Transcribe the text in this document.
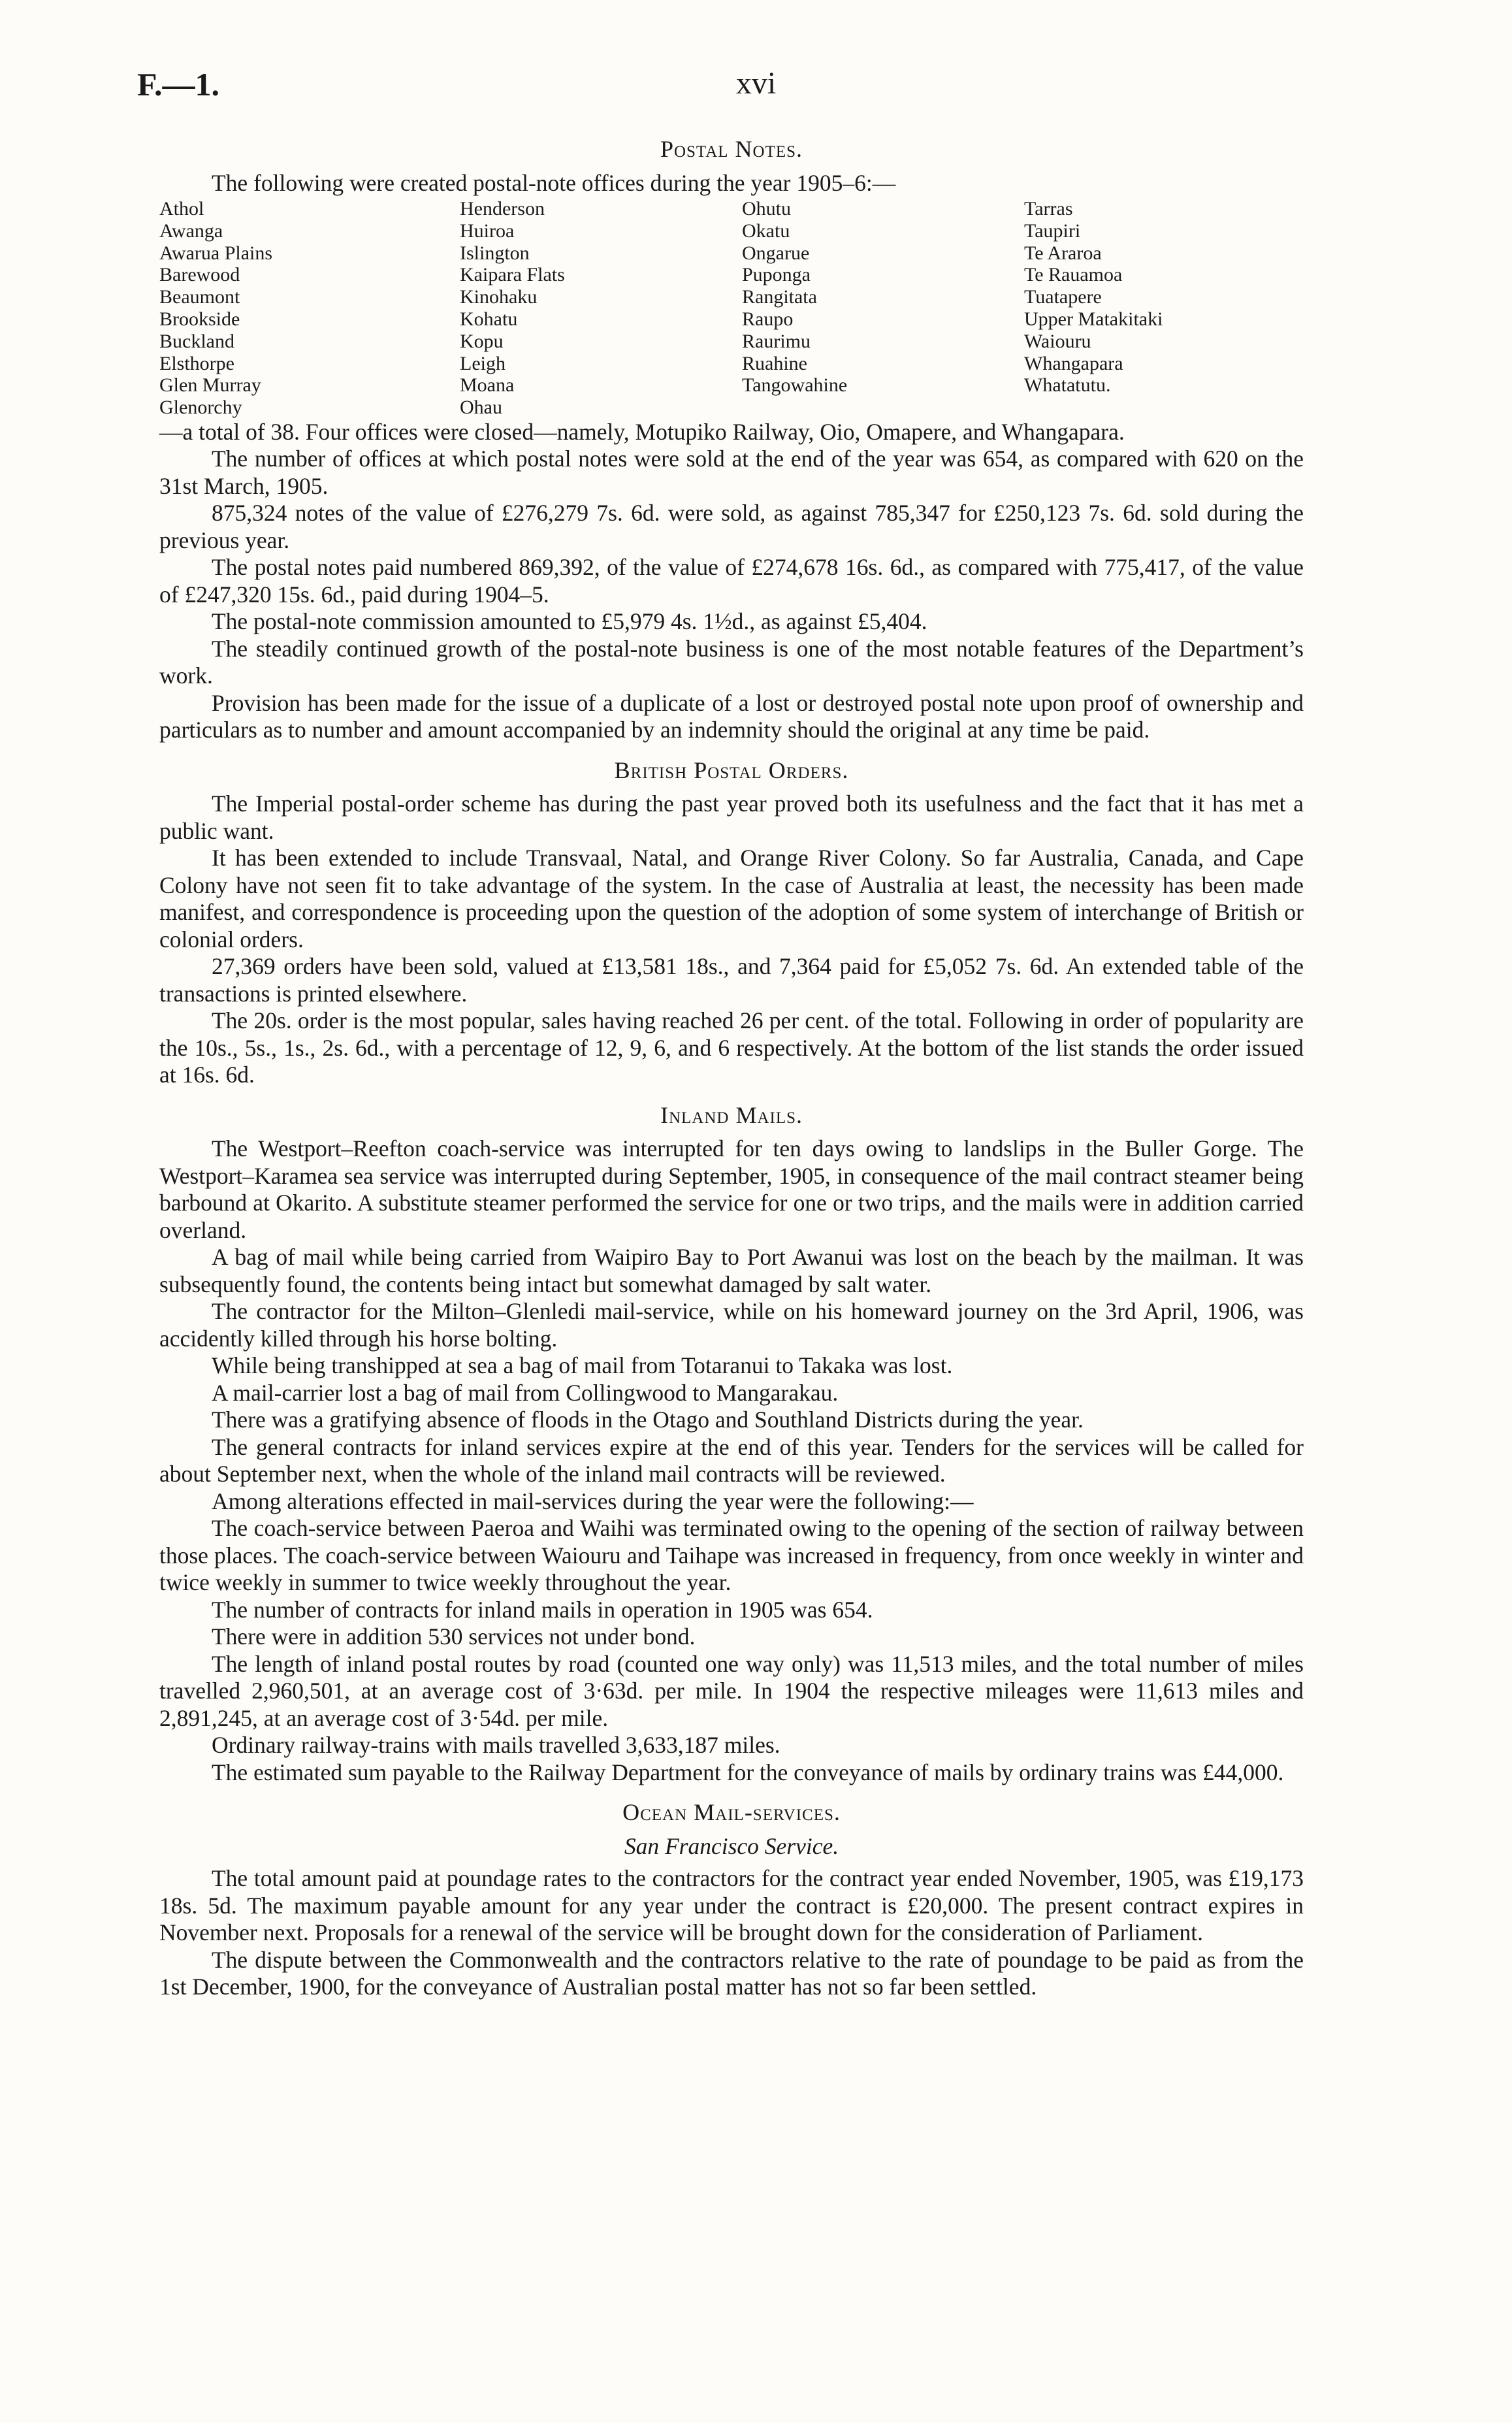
F.—1.	xvi
Postal Notes.

The following were created postal-note offices during the year 1905–6:—

Athol
Awanga
Awarua Plains
Barewood
Beaumont
Brookside
Buckland
Elsthorpe
Glen Murray
Glenorchy
Henderson
Huiroa
Islington
Kaipara Flats
Kinohaku
Kohatu
Kopu
Leigh
Moana
Ohau
Ohutu
Okatu
Ongarue
Puponga
Rangitata
Raupo
Raurimu
Ruahine
Tangowahine
Tarras
Taupiri
Te Araroa
Te Rauamoa
Tuatapere
Upper Matakitaki
Waiouru
Whangapara
Whatatutu.

—a total of 38. Four offices were closed—namely, Motupiko Railway, Oio, Omapere, and Whangapara.

The number of offices at which postal notes were sold at the end of the year was 654, as compared with 620 on the 31st March, 1905.

875,324 notes of the value of £276,279 7s. 6d. were sold, as against 785,347 for £250,123 7s. 6d. sold during the previous year.

The postal notes paid numbered 869,392, of the value of £274,678 16s. 6d., as compared with 775,417, of the value of £247,320 15s. 6d., paid during 1904–5.

The postal-note commission amounted to £5,979 4s. 1½d., as against £5,404.

The steadily continued growth of the postal-note business is one of the most notable features of the Department’s work.

Provision has been made for the issue of a duplicate of a lost or destroyed postal note upon proof of ownership and particulars as to number and amount accompanied by an indemnity should the original at any time be paid.

British Postal Orders.

The Imperial postal-order scheme has during the past year proved both its usefulness and the fact that it has met a public want.

It has been extended to include Transvaal, Natal, and Orange River Colony. So far Australia, Canada, and Cape Colony have not seen fit to take advantage of the system. In the case of Australia at least, the necessity has been made manifest, and correspondence is proceeding upon the question of the adoption of some system of interchange of British or colonial orders.

27,369 orders have been sold, valued at £13,581 18s., and 7,364 paid for £5,052 7s. 6d. An extended table of the transactions is printed elsewhere.

The 20s. order is the most popular, sales having reached 26 per cent. of the total. Following in order of popularity are the 10s., 5s., 1s., 2s. 6d., with a percentage of 12, 9, 6, and 6 respectively. At the bottom of the list stands the order issued at 16s. 6d.

Inland Mails.

The Westport–Reefton coach-service was interrupted for ten days owing to landslips in the Buller Gorge. The Westport–Karamea sea service was interrupted during September, 1905, in consequence of the mail contract steamer being barbound at Okarito. A substitute steamer performed the service for one or two trips, and the mails were in addition carried overland.

A bag of mail while being carried from Waipiro Bay to Port Awanui was lost on the beach by the mailman. It was subsequently found, the contents being intact but somewhat damaged by salt water.

The contractor for the Milton–Glenledi mail-service, while on his homeward journey on the 3rd April, 1906, was accidently killed through his horse bolting.

While being transhipped at sea a bag of mail from Totaranui to Takaka was lost.

A mail-carrier lost a bag of mail from Collingwood to Mangarakau.

There was a gratifying absence of floods in the Otago and Southland Districts during the year.

The general contracts for inland services expire at the end of this year. Tenders for the services will be called for about September next, when the whole of the inland mail contracts will be reviewed.

Among alterations effected in mail-services during the year were the following:—

The coach-service between Paeroa and Waihi was terminated owing to the opening of the section of railway between those places. The coach-service between Waiouru and Taihape was increased in frequency, from once weekly in winter and twice weekly in summer to twice weekly throughout the year.

The number of contracts for inland mails in operation in 1905 was 654.

There were in addition 530 services not under bond.

The length of inland postal routes by road (counted one way only) was 11,513 miles, and the total number of miles travelled 2,960,501, at an average cost of 3·63d. per mile. In 1904 the respective mileages were 11,613 miles and 2,891,245, at an average cost of 3·54d. per mile.

Ordinary railway-trains with mails travelled 3,633,187 miles.

The estimated sum payable to the Railway Department for the conveyance of mails by ordinary trains was £44,000.

Ocean Mail-services.
San Francisco Service.

The total amount paid at poundage rates to the contractors for the contract year ended November, 1905, was £19,173 18s. 5d. The maximum payable amount for any year under the contract is £20,000. The present contract expires in November next. Proposals for a renewal of the service will be brought down for the consideration of Parliament.

The dispute between the Commonwealth and the contractors relative to the rate of poundage to be paid as from the 1st December, 1900, for the conveyance of Australian postal matter has not so far been settled.
